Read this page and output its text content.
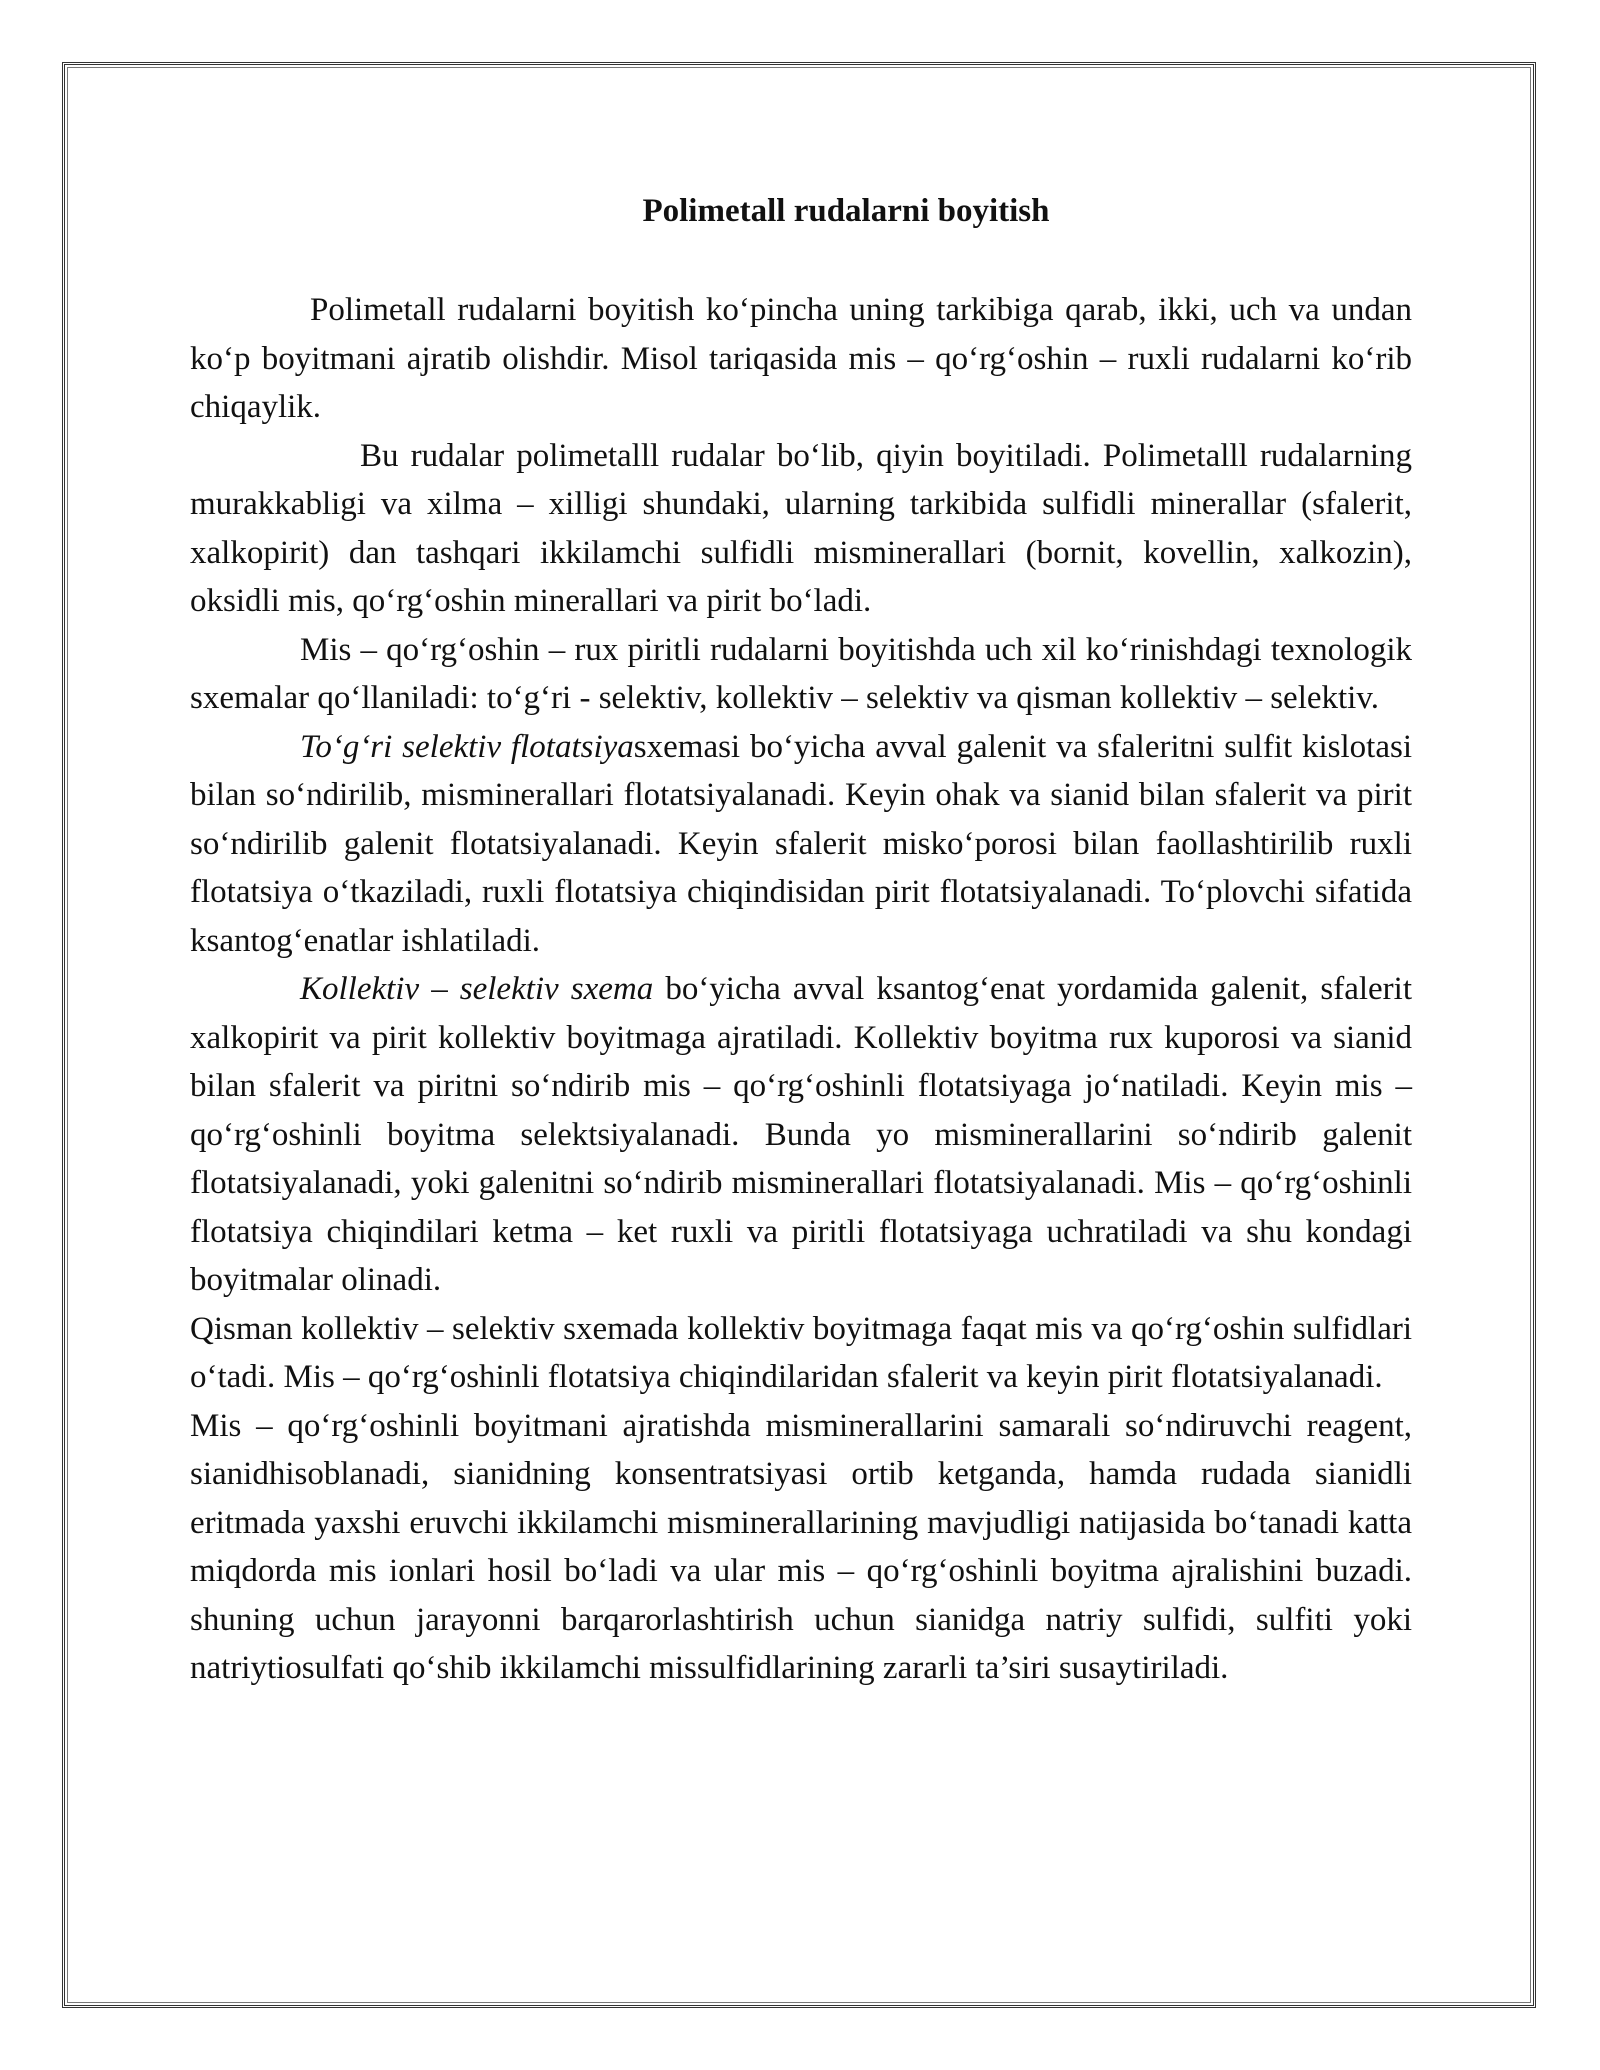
Polimetall rudalarni boyitish

Polimetall rudalarni boyitish koʻpincha uning tarkibiga qarab, ikki, uch va undan koʻp boyitmani ajratib olishdir. Misol tariqasida mis – qoʻrgʻoshin – ruxli rudalarni koʻrib chiqaylik.

Bu rudalar polimetalll rudalar boʻlib, qiyin boyitiladi. Polimetalll rudalarning murakkabligi va xilma – xilligi shundaki, ularning tarkibida sulfidli minerallar (sfalerit, xalkopirit) dan tashqari ikkilamchi sulfidli misminerallari (bornit, kovellin, xalkozin), oksidli mis, qoʻrgʻoshin minerallari va pirit boʻladi.

Mis – qoʻrgʻoshin – rux piritli rudalarni boyitishda uch xil koʻrinishdagi texnologik sxemalar qoʻllaniladi: toʻgʻri - selektiv, kollektiv – selektiv va qisman kollektiv – selektiv.

Toʻgʻri selektiv flotatsiyasxemasi boʻyicha avval galenit va sfaleritni sulfit kislotasi bilan soʻndirilib, misminerallari flotatsiyalanadi. Keyin ohak va sianid bilan sfalerit va pirit soʻndirilib galenit flotatsiyalanadi. Keyin sfalerit miskoʻporosi bilan faollashtirilib ruxli flotatsiya oʻtkaziladi, ruxli flotatsiya chiqindisidan pirit flotatsiyalanadi. Toʻplovchi sifatida ksantogʻenatlar ishlatiladi.

Kollektiv – selektiv sxema boʻyicha avval ksantogʻenat yordamida galenit, sfalerit xalkopirit va pirit kollektiv boyitmaga ajratiladi. Kollektiv boyitma rux kuporosi va sianid bilan sfalerit va piritni soʻndirib mis – qoʻrgʻoshinli flotatsiyaga joʻnatiladi. Keyin mis – qoʻrgʻoshinli boyitma selektsiyalanadi. Bunda yo misminerallarini soʻndirib galenit flotatsiyalanadi, yoki galenitni soʻndirib misminerallari flotatsiyalanadi. Mis – qoʻrgʻoshinli flotatsiya chiqindilari ketma – ket ruxli va piritli flotatsiyaga uchratiladi va shu kondagi boyitmalar olinadi.

Qisman kollektiv – selektiv sxemada kollektiv boyitmaga faqat mis va qoʻrgʻoshin sulfidlari oʻtadi. Mis – qoʻrgʻoshinli flotatsiya chiqindilaridan sfalerit va keyin pirit flotatsiyalanadi.

Mis – qoʻrgʻoshinli boyitmani ajratishda misminerallarini samarali soʻndiruvchi reagent, sianidhisoblanadi, sianidning konsentratsiyasi ortib ketganda, hamda rudada sianidli eritmada yaxshi eruvchi ikkilamchi misminerallarining mavjudligi natijasida boʻtanadi katta miqdorda mis ionlari hosil boʻladi va ular mis – qoʻrgʻoshinli boyitma ajralishini buzadi. shuning uchun jarayonni barqarorlashtirish uchun sianidga natriy sulfidi, sulfiti yoki natriytiosulfati qoʻshib ikkilamchi missulfidlarining zararli ta’siri susaytiriladi.
